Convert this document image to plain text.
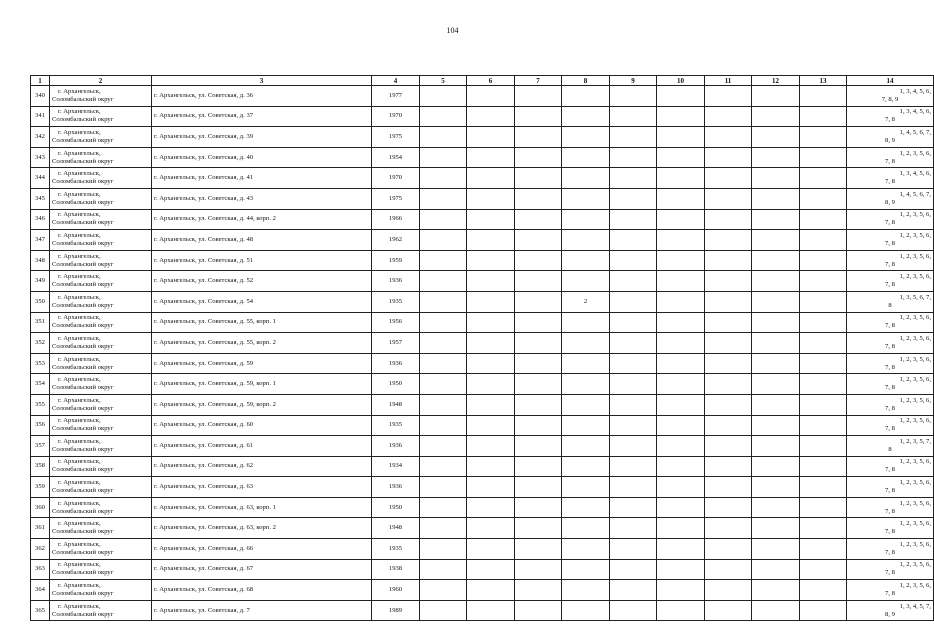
104
1	2	3	4	5	6	7	8	9	10	11	12	13	14
340	г. Архангельск,
Соломбальский округ	г. Архангельск, ул. Советская, д. 36	1977										1, 3, 4, 5, 6,
7, 8, 9

341	г. Архангельск,
Соломбальский округ	г. Архангельск, ул. Советская, д. 37	1970										1, 3, 4, 5, 6,
7, 8

342	г. Архангельск,
Соломбальский округ	г. Архангельск, ул. Советская, д. 39	1975										1, 4, 5, 6, 7,
8, 9

343	г. Архангельск,
Соломбальский округ	г. Архангельск, ул. Советская, д. 40	1954										1, 2, 3, 5, 6,
7, 8

344	г. Архангельск,
Соломбальский округ	г. Архангельск, ул. Советская, д. 41	1970										1, 3, 4, 5, 6,
7, 8

345	г. Архангельск,
Соломбальский округ	г. Архангельск, ул. Советская, д. 43	1975										1, 4, 5, 6, 7,
8, 9

346	г. Архангельск,
Соломбальский округ	г. Архангельск, ул. Советская, д. 44, корп. 2	1966										1, 2, 3, 5, 6,
7, 8

347	г. Архангельск,
Соломбальский округ	г. Архангельск, ул. Советская, д. 48	1962										1, 2, 3, 5, 6,
7, 8

348	г. Архангельск,
Соломбальский округ	г. Архангельск, ул. Советская, д. 51	1959										1, 2, 3, 5, 6,
7, 8

349	г. Архангельск,
Соломбальский округ	г. Архангельск, ул. Советская, д. 52	1936										1, 2, 3, 5, 6,
7, 8

350	г. Архангельск,
Соломбальский округ	г. Архангельск, ул. Советская, д. 54	1935				2						1, 3, 5, 6, 7,
8

351	г. Архангельск,
Соломбальский округ	г. Архангельск, ул. Советская, д. 55, корп. 1	1956										1, 2, 3, 5, 6,
7, 8

352	г. Архангельск,
Соломбальский округ	г. Архангельск, ул. Советская, д. 55, корп. 2	1957										1, 2, 3, 5, 6,
7, 8

353	г. Архангельск,
Соломбальский округ	г. Архангельск, ул. Советская, д. 59	1936										1, 2, 3, 5, 6,
7, 8

354	г. Архангельск,
Соломбальский округ	г. Архангельск, ул. Советская, д. 59, корп. 1	1950										1, 2, 3, 5, 6,
7, 8

355	г. Архангельск,
Соломбальский округ	г. Архангельск, ул. Советская, д. 59, корп. 2	1948										1, 2, 3, 5, 6,
7, 8

356	г. Архангельск,
Соломбальский округ	г. Архангельск, ул. Советская, д. 60	1935										1, 2, 3, 5, 6,
7, 8

357	г. Архангельск,
Соломбальский округ	г. Архангельск, ул. Советская, д. 61	1936										1, 2, 3, 5, 7,
8

358	г. Архангельск,
Соломбальский округ	г. Архангельск, ул. Советская, д. 62	1934										1, 2, 3, 5, 6,
7, 8

359	г. Архангельск,
Соломбальский округ	г. Архангельск, ул. Советская, д. 63	1936										1, 2, 3, 5, 6,
7, 8

360	г. Архангельск,
Соломбальский округ	г. Архангельск, ул. Советская, д. 63, корп. 1	1950										1, 2, 3, 5, 6,
7, 8

361	г. Архангельск,
Соломбальский округ	г. Архангельск, ул. Советская, д. 63, корп. 2	1948										1, 2, 3, 5, 6,
7, 8

362	г. Архангельск,
Соломбальский округ	г. Архангельск, ул. Советская, д. 66	1935										1, 2, 3, 5, 6,
7, 8

363	г. Архангельск,
Соломбальский округ	г. Архангельск, ул. Советская, д. 67	1938										1, 2, 3, 5, 6,
7, 8

364	г. Архангельск,
Соломбальский округ	г. Архангельск, ул. Советская, д. 68	1960										1, 2, 3, 5, 6,
7, 8

365	г. Архангельск,
Соломбальский округ	г. Архангельск, ул. Советская, д. 7	1989										1, 3, 4, 5, 7,
8, 9
